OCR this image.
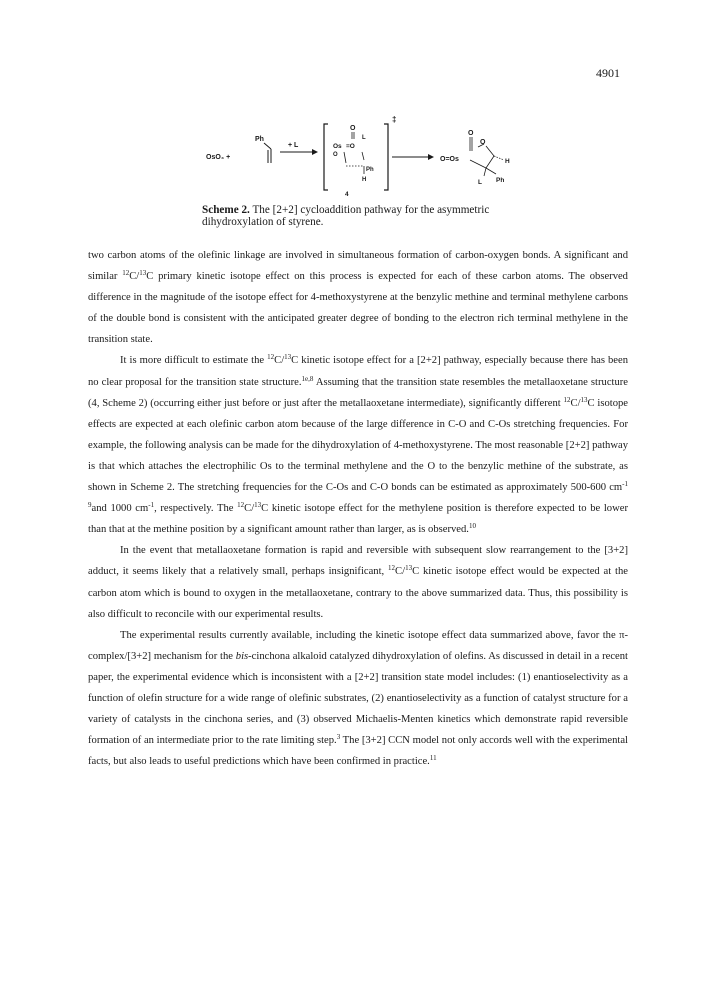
4901
OsO₄ +
Ph
+ L
‡
O
L
Os =O
O
Ph
H
4
O
O
O=Os	H
L Ph
Scheme 2. The [2+2] cycloaddition pathway for the asymmetric dihydroxylation of styrene.

two carbon atoms of the olefinic linkage are involved in simultaneous formation of carbon-oxygen bonds. A significant and similar $^{12}$C/$^{13}$C primary kinetic isotope effect on this process is expected for each of these carbon atoms. The observed difference in the magnitude of the isotope effect for 4-methoxystyrene at the benzylic methine and terminal methylene carbons of the double bond is consistent with the anticipated greater degree of bonding to the electron rich terminal methylene in the transition state.

It is more difficult to estimate the $^{12}$C/$^{13}$C kinetic isotope effect for a [2+2] pathway, especially because there has been no clear proposal for the transition state structure.$^{1e,8}$ Assuming that the transition state resembles the metallaoxetane structure (4, Scheme 2) (occurring either just before or just after the metallaoxetane intermediate), significantly different $^{12}$C/$^{13}$C isotope effects are expected at each olefinic carbon atom because of the large difference in C-O and C-Os stretching frequencies. For example, the following analysis can be made for the dihydroxylation of 4-methoxystyrene. The most reasonable [2+2] pathway is that which attaches the electrophilic Os to the terminal methylene and the O to the benzylic methine of the substrate, as shown in Scheme 2. The stretching frequencies for the C-Os and C-O bonds can be estimated as approximately 500-600 $cm^{-1 9}and$ 1000 $cm^{-1}$, respectively. The $^{12}$C/$^{13}$C kinetic isotope effect for the methylene position is therefore expected to be lower than that at the methine position by a significant amount rather than larger, as is observed.$^{10}$

In the event that metallaoxetane formation is rapid and reversible with subsequent slow rearrangement to the [3+2] adduct, it seems likely that a relatively small, perhaps insignificant, $^{12}$C/$^{13}$C kinetic isotope effect would be expected at the carbon atom which is bound to oxygen in the metallaoxetane, contrary to the above summarized data. Thus, this possibility is also difficult to reconcile with our experimental results.

The experimental results currently available, including the kinetic isotope effect data summarized above, favor the π-complex/[3+2] mechanism for the bis-cinchona alkaloid catalyzed dihydroxylation of olefins. As discussed in detail in a recent paper, the experimental evidence which is inconsistent with a [2+2] transition state model includes: (1) enantioselectivity as a function of olefin structure for a wide range of olefinic substrates, (2) enantioselectivity as a function of catalyst structure for a variety of catalysts in the cinchona series, and (3) observed Michaelis-Menten kinetics which demonstrate rapid reversible formation of an intermediate prior to the rate limiting step.$^3$ The [3+2] CCN model not only accords well with the experimental facts, but also leads to useful predictions which have been confirmed in practice.$^{11}$
